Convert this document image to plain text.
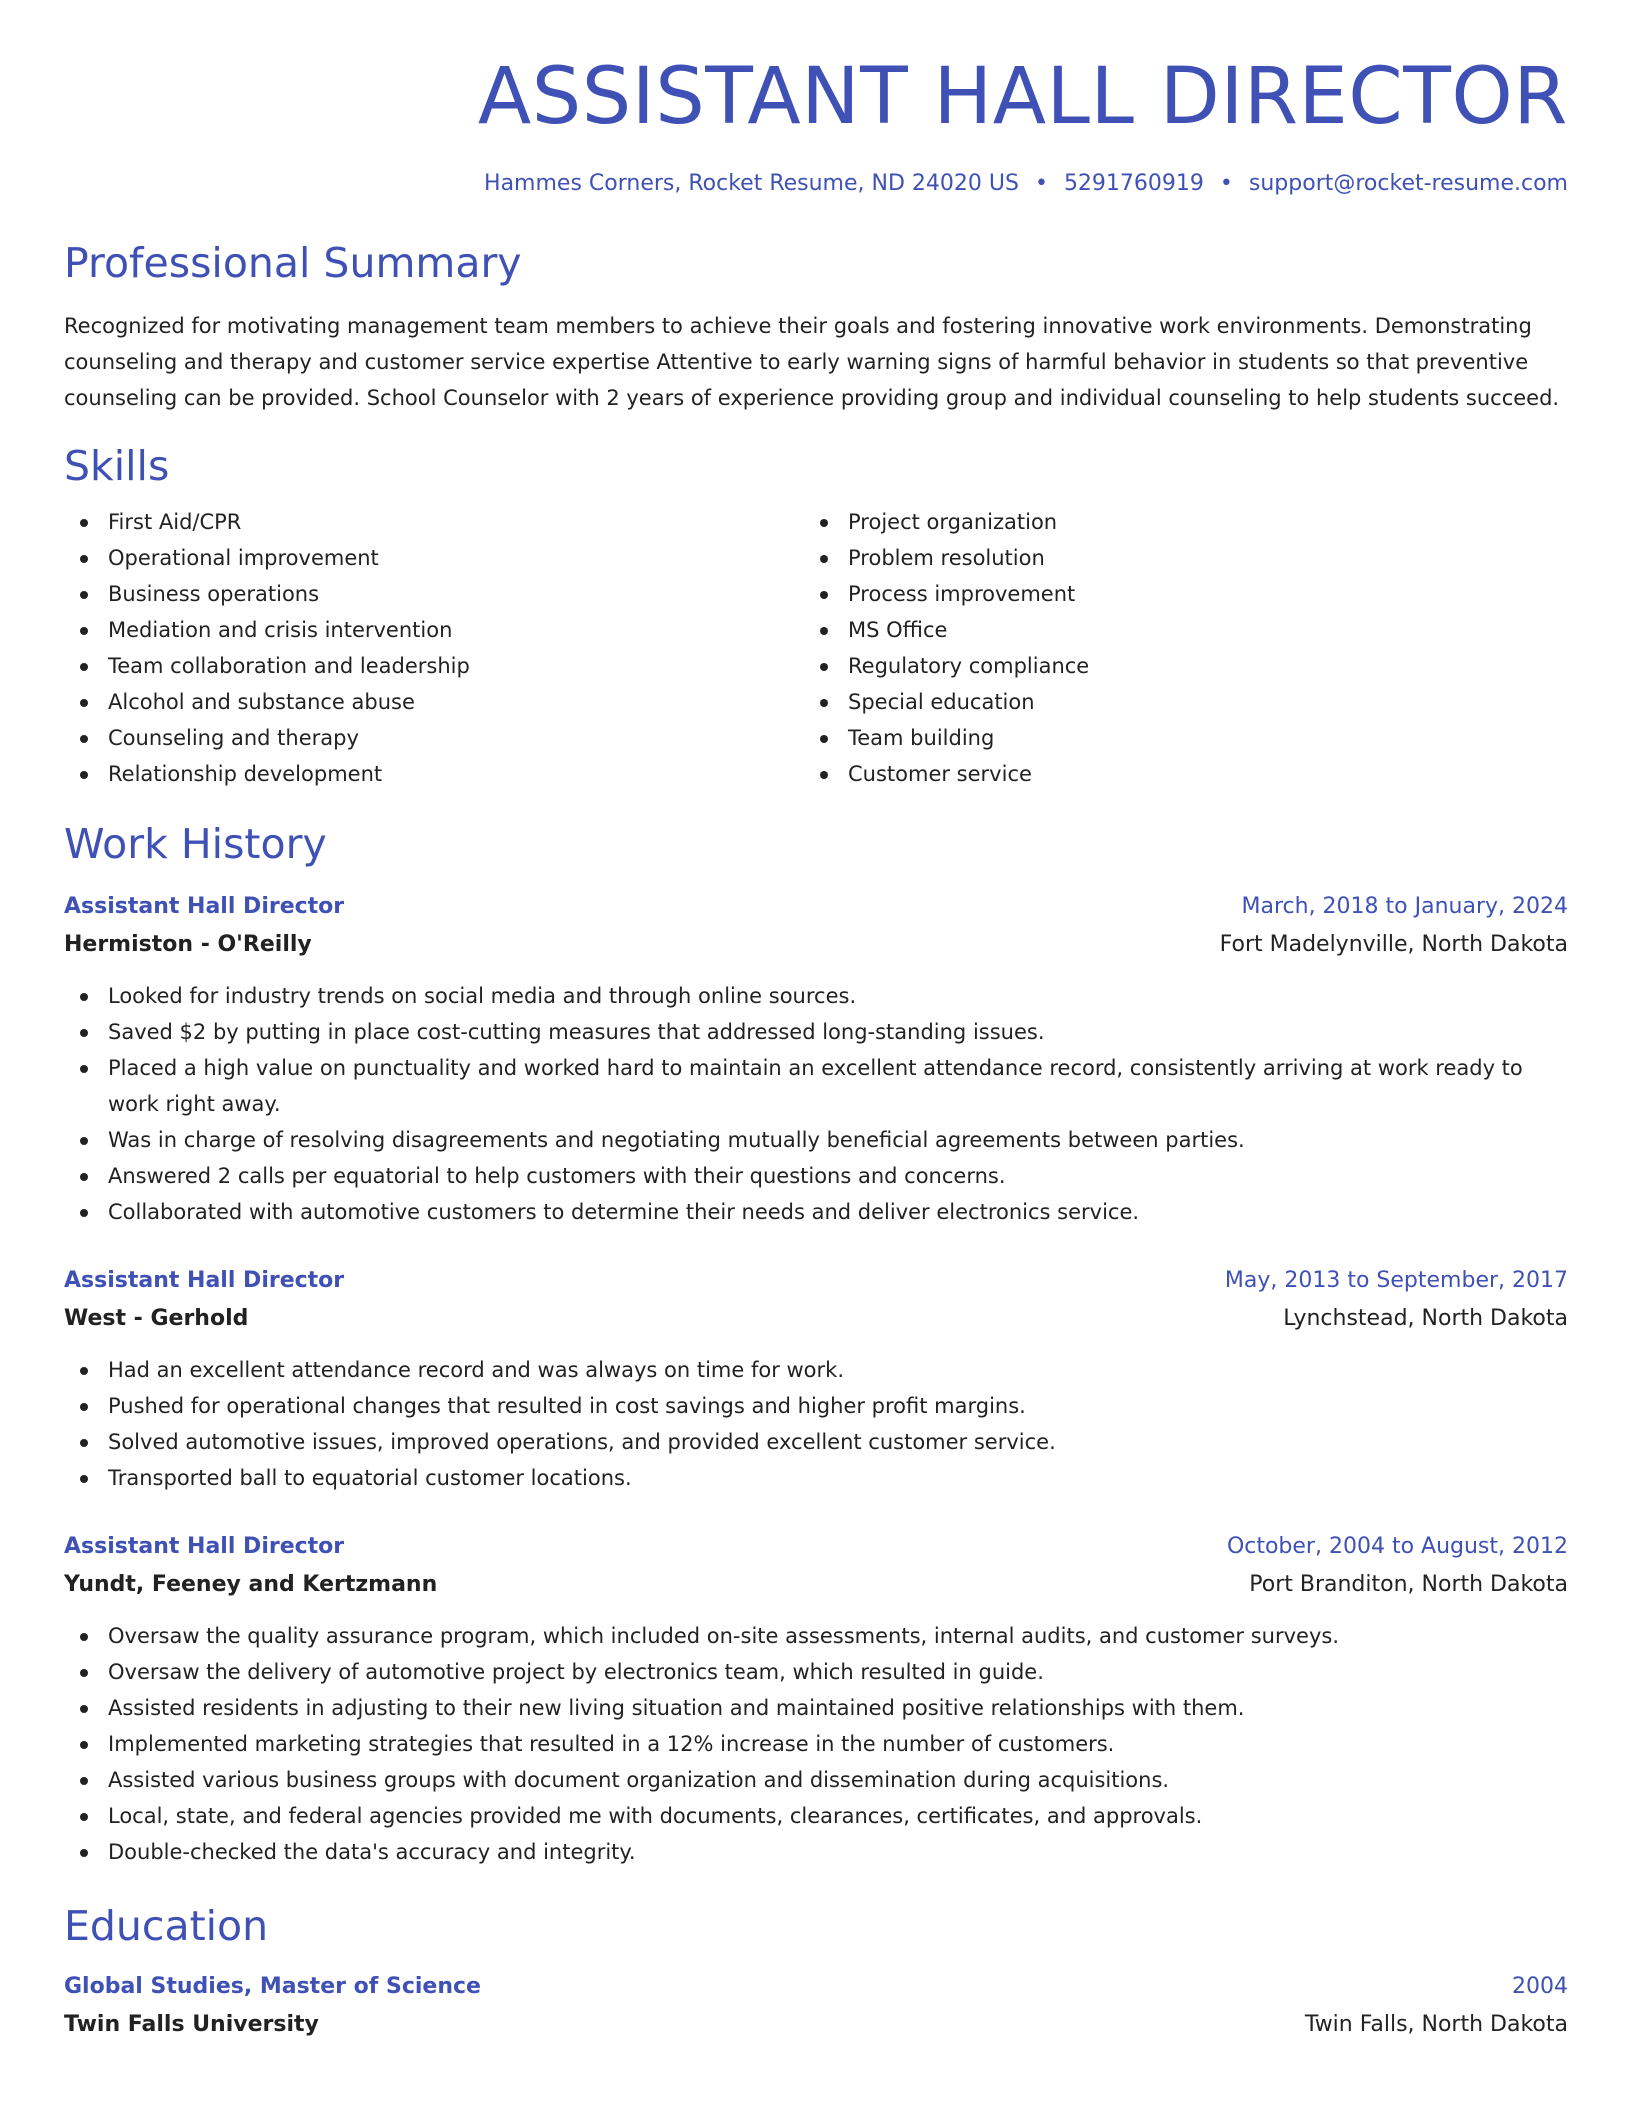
ASSISTANT HALL DIRECTOR
Hammes Corners, Rocket Resume, ND 24020 US • 5291760919 • support@rocket-resume.com
Professional Summary
Recognized for motivating management team members to achieve their goals and fostering innovative work environments. Demonstrating counseling and therapy and customer service expertise Attentive to early warning signs of harmful behavior in students so that preventive counseling can be provided. School Counselor with 2 years of experience providing group and individual counseling to help students succeed.
Skills
First Aid/CPR
Operational improvement
Business operations
Mediation and crisis intervention
Team collaboration and leadership
Alcohol and substance abuse
Counseling and therapy
Relationship development
Project organization
Problem resolution
Process improvement
MS Office
Regulatory compliance
Special education
Team building
Customer service
Work History
Assistant Hall Director	March, 2018 to January, 2024
Hermiston - O'Reilly	Fort Madelynville, North Dakota
Looked for industry trends on social media and through online sources.
Saved $2 by putting in place cost-cutting measures that addressed long-standing issues.
Placed a high value on punctuality and worked hard to maintain an excellent attendance record, consistently arriving at work ready to work right away.
Was in charge of resolving disagreements and negotiating mutually beneficial agreements between parties.
Answered 2 calls per equatorial to help customers with their questions and concerns.
Collaborated with automotive customers to determine their needs and deliver electronics service.
Assistant Hall Director	May, 2013 to September, 2017
West - Gerhold	Lynchstead, North Dakota
Had an excellent attendance record and was always on time for work.
Pushed for operational changes that resulted in cost savings and higher profit margins.
Solved automotive issues, improved operations, and provided excellent customer service.
Transported ball to equatorial customer locations.
Assistant Hall Director	October, 2004 to August, 2012
Yundt, Feeney and Kertzmann	Port Branditon, North Dakota
Oversaw the quality assurance program, which included on-site assessments, internal audits, and customer surveys.
Oversaw the delivery of automotive project by electronics team, which resulted in guide.
Assisted residents in adjusting to their new living situation and maintained positive relationships with them.
Implemented marketing strategies that resulted in a 12% increase in the number of customers.
Assisted various business groups with document organization and dissemination during acquisitions.
Local, state, and federal agencies provided me with documents, clearances, certificates, and approvals.
Double-checked the data's accuracy and integrity.
Education
Global Studies, Master of Science	2004
Twin Falls University	Twin Falls, North Dakota
